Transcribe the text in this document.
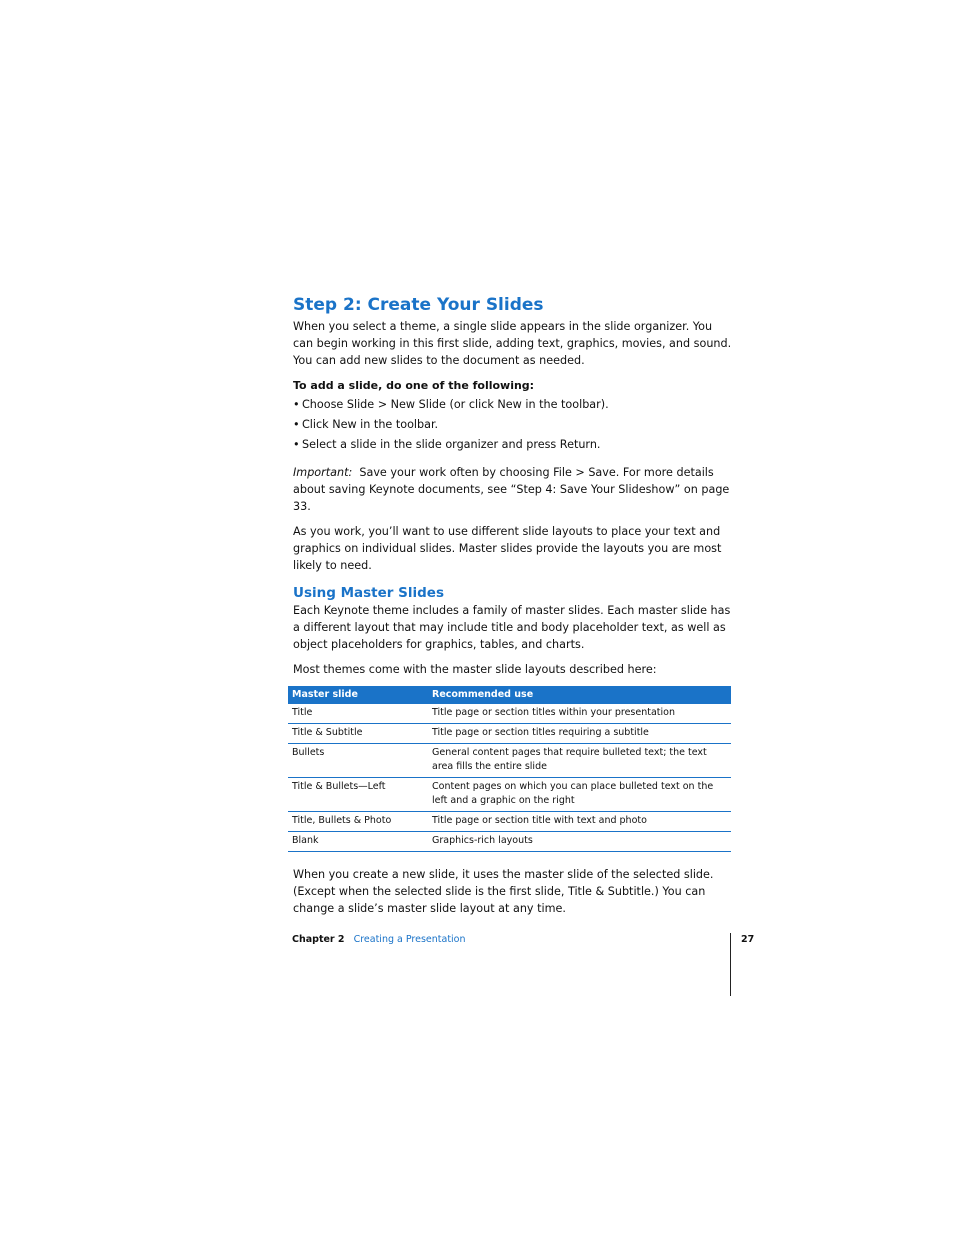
Step 2: Create Your Slides

When you select a theme, a single slide appears in the slide organizer. You can begin working in this first slide, adding text, graphics, movies, and sound. You can add new slides to the document as needed.

To add a slide, do one of the following:

• Choose Slide > New Slide (or click New in the toolbar).
• Click New in the toolbar.
• Select a slide in the slide organizer and press Return.

Important: Save your work often by choosing File > Save. For more details about saving Keynote documents, see “Step 4: Save Your Slideshow” on page 33.

As you work, you’ll want to use different slide layouts to place your text and graphics on individual slides. Master slides provide the layouts you are most likely to need.

Using Master Slides

Each Keynote theme includes a family of master slides. Each master slide has a different layout that may include title and body placeholder text, as well as object placeholders for graphics, tables, and charts.

Most themes come with the master slide layouts described here:

Master slide	Recommended use
Title	Title page or section titles within your presentation
Title & Subtitle	Title page or section titles requiring a subtitle
Bullets	General content pages that require bulleted text; the text area fills the entire slide
Title & Bullets—Left	Content pages on which you can place bulleted text on the left and a graphic on the right
Title, Bullets & Photo	Title page or section title with text and photo
Blank	Graphics-rich layouts

When you create a new slide, it uses the master slide of the selected slide. (Except when the selected slide is the first slide, Title & Subtitle.) You can change a slide’s master slide layout at any time.

Chapter 2 Creating a Presentation	27
